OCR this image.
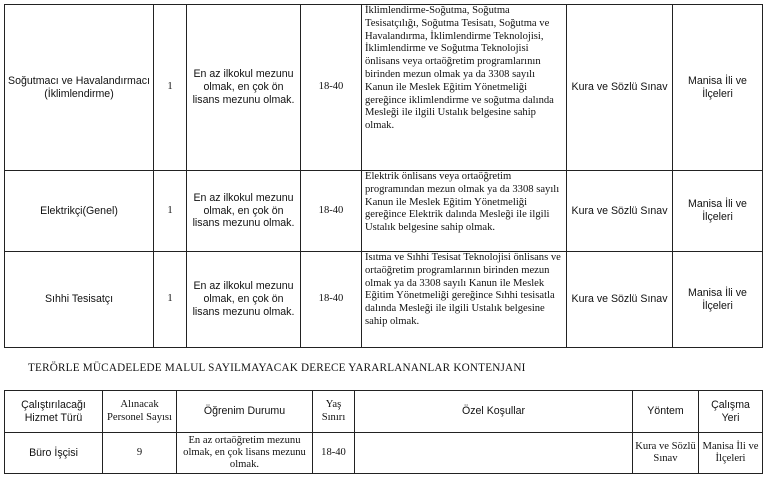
Soğutmacı ve Havalandırmacı (İklimlendirme)	1	En az ilkokul mezunu olmak, en çok ön lisans mezunu olmak.	18-40	İklimlendirme-Soğutma, Soğutma Tesisatçılığı, Soğutma Tesisatı, Soğutma ve Havalandırma, İklimlendirme Teknolojisi, İklimlendirme ve Soğutma Teknolojisi önlisans veya ortaöğretim programlarının birinden mezun olmak ya da 3308 sayılı Kanun ile Meslek Eğitim Yönetmeliği gereğince iklimlendirme ve soğutma dalında Mesleği ile ilgili Ustalık belgesine sahip olmak.	Kura ve Sözlü Sınav	Manisa İli ve İlçeleri
Elektrikçi(Genel)	1	En az ilkokul mezunu olmak, en çok ön lisans mezunu olmak.	18-40	Elektrik önlisans veya ortaöğretim programından mezun olmak ya da 3308 sayılı Kanun ile Meslek Eğitim Yönetmeliği gereğince Elektrik dalında Mesleği ile ilgili Ustalık belgesine sahip olmak.	Kura ve Sözlü Sınav	Manisa İli ve İlçeleri
Sıhhi Tesisatçı	1	En az ilkokul mezunu olmak, en çok ön lisans mezunu olmak.	18-40	Isıtma ve Sıhhi Tesisat Teknolojisi önlisans ve ortaöğretim programlarının birinden mezun olmak ya da 3308 sayılı Kanun ile Meslek Eğitim Yönetmeliği gereğince Sıhhi tesisatla dalında Mesleği ile ilgili Ustalık belgesine sahip olmak.	Kura ve Sözlü Sınav	Manisa İli ve İlçeleri
TERÖRLE MÜCADELEDE MALUL SAYILMAYACAK DERECE YARARLANANLAR KONTENJANI
Çalıştırılacağı Hizmet Türü	Alınacak Personel Sayısı	Öğrenim Durumu	Yaş Sınırı	Özel Koşullar	Yöntem	Çalışma Yeri
Büro İşçisi	9	En az ortaöğretim mezunu olmak, en çok lisans mezunu olmak.	18-40		Kura ve Sözlü Sınav	Manisa İli ve İlçeleri
